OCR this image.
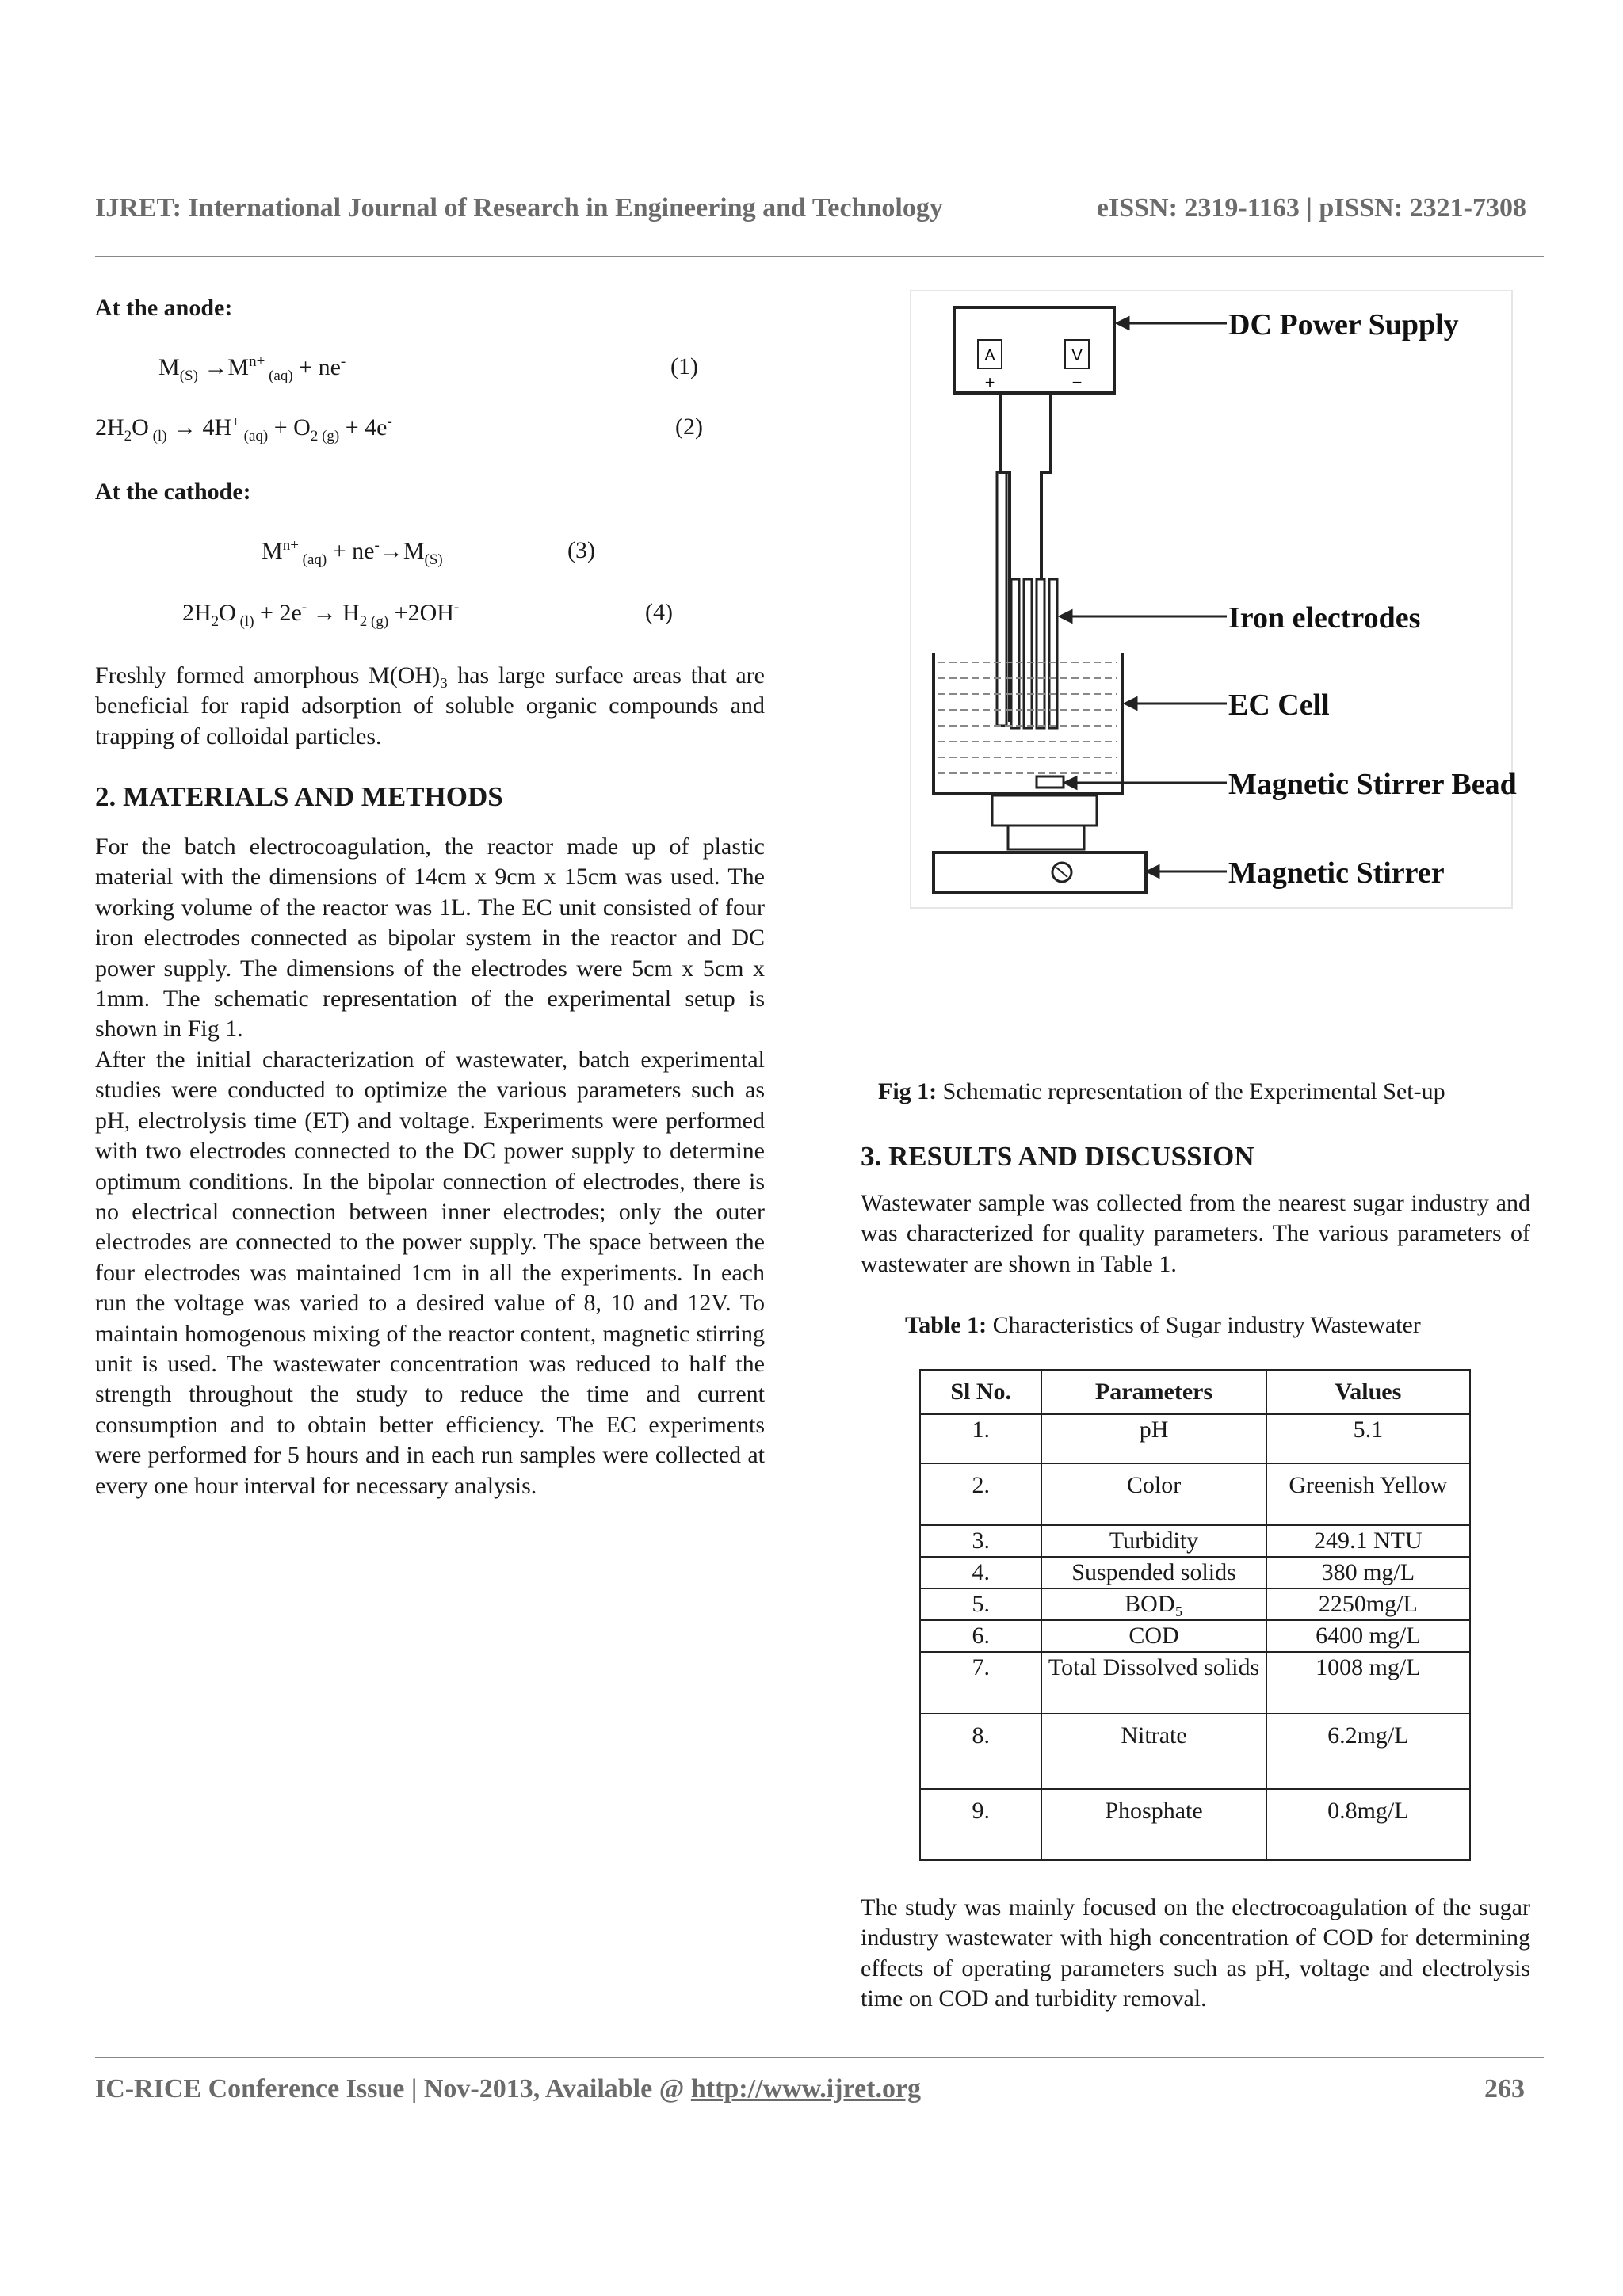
IJRET: International Journal of Research in Engineering and Technology	eISSN: 2319-1163 | pISSN: 2321-7308
At the anode:
$M_{(S)} \to M^{n+}$ $_{(aq)}$ + ne-	(1)
$2H_2O$ $_{(l)}$ → 4H+ $_{(aq)} + O_{2 (g)} + 4e^-$	(2)
At the cathode:
$M^{n+}$ $_{(aq)} + ne^-\to M_{(S)}$	(3)
$2H_2O$ $_{(l)} + 2e^- \to H_{2 (g)} +2OH^-$	(4)
Freshly formed amorphous M(OH)₃ has large surface areas that are beneficial for rapid adsorption of soluble organic compounds and trapping of colloidal particles.
2. MATERIALS AND METHODS
For the batch electrocoagulation, the reactor made up of plastic material with the dimensions of 14cm x 9cm x 15cm was used. The working volume of the reactor was 1L. The EC unit consisted of four iron electrodes connected as bipolar system in the reactor and DC power supply. The dimensions of the electrodes were 5cm x 5cm x 1mm. The schematic representation of the experimental setup is shown in Fig 1.
After the initial characterization of wastewater, batch experimental studies were conducted to optimize the various parameters such as pH, electrolysis time (ET) and voltage. Experiments were performed with two electrodes connected to the DC power supply to determine optimum conditions. In the bipolar connection of electrodes, there is no electrical connection between inner electrodes; only the outer electrodes are connected to the power supply. The space between the four electrodes was maintained 1cm in all the experiments. In each run the voltage was varied to a desired value of 8, 10 and 12V. To maintain homogenous mixing of the reactor content, magnetic stirring unit is used. The wastewater concentration was reduced to half the strength throughout the study to reduce the time and current consumption and to obtain better efficiency. The EC experiments were performed for 5 hours and in each run samples were collected at every one hour interval for necessary analysis.
A	V
+	−
DC Power Supply
Iron electrodes
EC Cell
Magnetic Stirrer Bead
Magnetic Stirrer
Fig 1: Schematic representation of the Experimental Set-up
3. RESULTS AND DISCUSSION
Wastewater sample was collected from the nearest sugar industry and was characterized for quality parameters. The various parameters of wastewater are shown in Table 1.
Table 1: Characteristics of Sugar industry Wastewater
Sl No.	Parameters	Values
1.	pH	5.1
2.	Color	Greenish Yellow
3.	Turbidity	249.1 NTU
4.	Suspended solids	380 mg/L
5.	BOD₅	2250mg/L
6.	COD	6400 mg/L
7.	Total Dissolved solids	1008 mg/L
8.	Nitrate	6.2mg/L
9.	Phosphate	0.8mg/L
The study was mainly focused on the electrocoagulation of the sugar industry wastewater with high concentration of COD for determining effects of operating parameters such as pH, voltage and electrolysis time on COD and turbidity removal.
IC-RICE Conference Issue | Nov-2013, Available @ http://www.ijret.org	263
